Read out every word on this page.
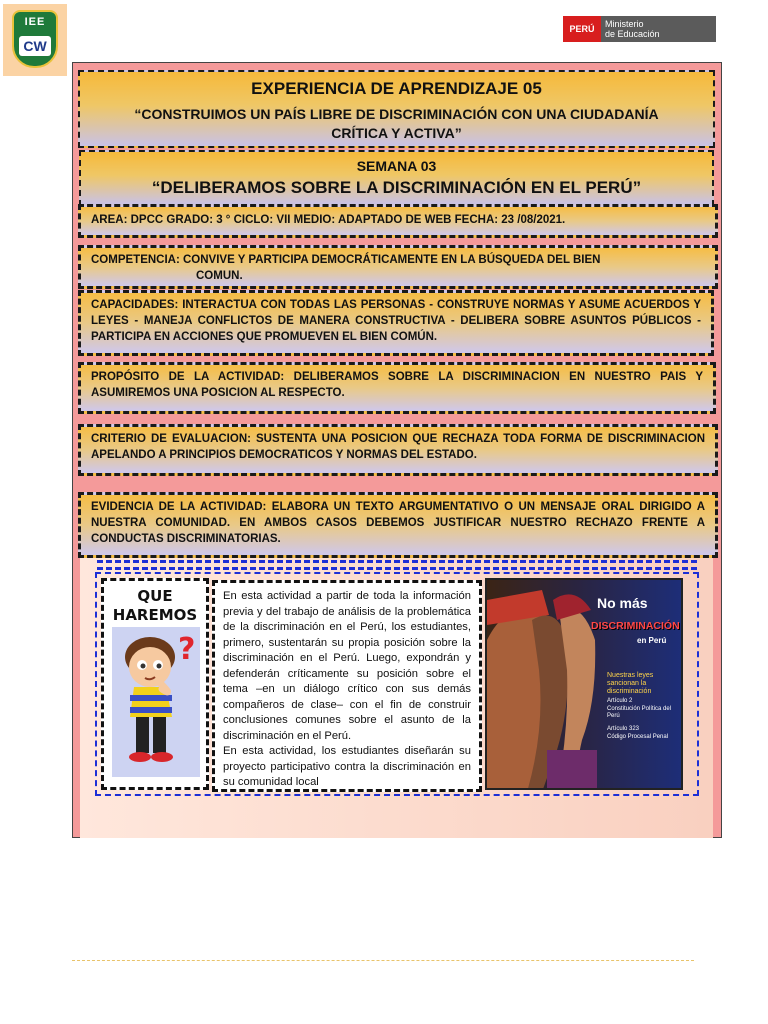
IEE
CW
PERÚ	Ministerio
de Educación
EXPERIENCIA DE APRENDIZAJE 05
“CONSTRUIMOS UN PAÍS LIBRE DE DISCRIMINACIÓN CON UNA CIUDADANÍA CRÍTICA Y ACTIVA”
SEMANA 03
“DELIBERAMOS SOBRE LA DISCRIMINACIÓN EN EL PERÚ”
AREA: DPCC GRADO: 3 ° CICLO: VII MEDIO: ADAPTADO DE WEB FECHA: 23 /08/2021.
COMPETENCIA: CONVIVE Y PARTICIPA DEMOCRÁTICAMENTE EN LA BÚSQUEDA DEL BIEN
COMUN.
CAPACIDADES: INTERACTUA CON TODAS LAS PERSONAS - CONSTRUYE NORMAS Y ASUME ACUERDOS Y LEYES - MANEJA CONFLICTOS DE MANERA CONSTRUCTIVA - DELIBERA SOBRE ASUNTOS PÚBLICOS - PARTICIPA EN ACCIONES QUE PROMUEVEN EL BIEN COMÚN.
PROPÓSITO DE LA ACTIVIDAD: DELIBERAMOS SOBRE LA DISCRIMINACION EN NUESTRO PAIS Y ASUMIREMOS UNA POSICION AL RESPECTO.
CRITERIO DE EVALUACION: SUSTENTA UNA POSICION QUE RECHAZA TODA FORMA DE DISCRIMINACION APELANDO A PRINCIPIOS DEMOCRATICOS Y NORMAS DEL ESTADO.
EVIDENCIA DE LA ACTIVIDAD: ELABORA UN TEXTO ARGUMENTATIVO O UN MENSAJE ORAL DIRIGIDO A NUESTRA COMUNIDAD. EN AMBOS CASOS DEBEMOS JUSTIFICAR NUESTRO RECHAZO FRENTE A CONDUCTAS DISCRIMINATORIAS.
QUE
HAREMOS
?
En esta actividad a partir de toda la información previa y del trabajo de análisis de la problemática de la discriminación en el Perú, los estudiantes, primero, sustentarán su propia posición sobre la discriminación en el Perú. Luego, expondrán y defenderán críticamente su posición sobre el tema –en un diálogo crítico con sus demás compañeros de clase– con el fin de construir conclusiones comunes sobre el asunto de la discriminación en el Perú.
En esta actividad, los estudiantes diseñarán su proyecto participativo contra la discriminación en su comunidad local
No más
DISCRIMINACIÓN
en Perú
Nuestras leyes sancionan la discriminación
Artículo 2
Constitución Política del Perú
Artículo 323
Código Procesal Penal
